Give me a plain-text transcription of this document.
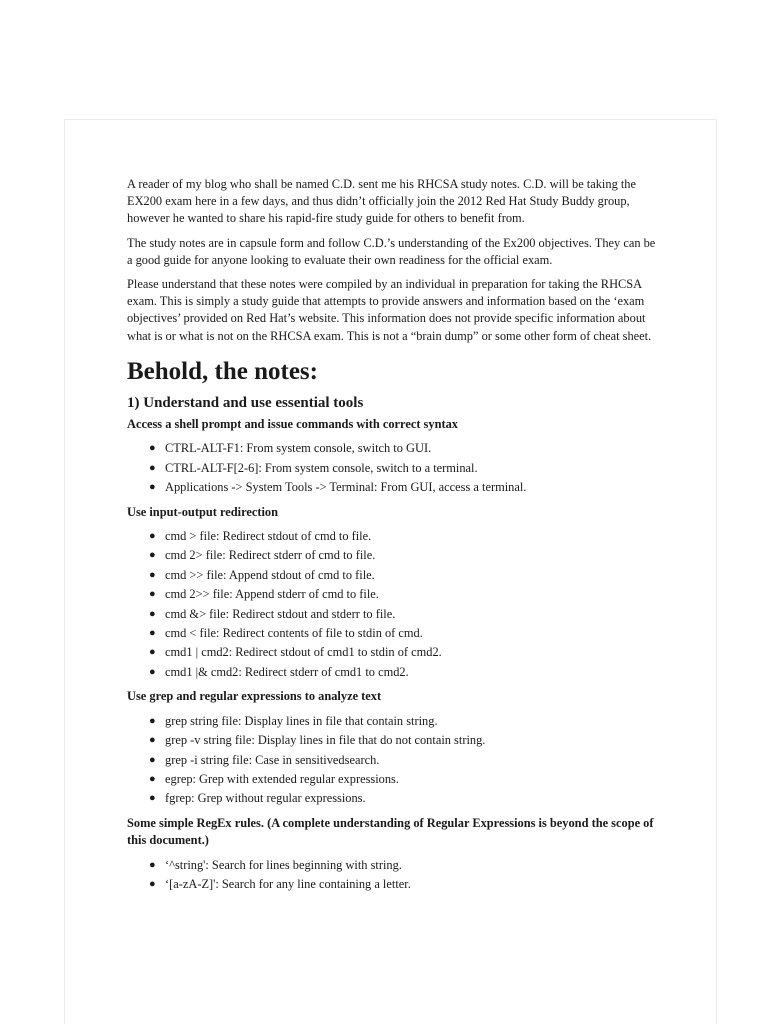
A reader of my blog who shall be named C.D. sent me his RHCSA study notes. C.D. will be taking the EX200 exam here in a few days, and thus didn’t officially join the 2012 Red Hat Study Buddy group, however he wanted to share his rapid-fire study guide for others to benefit from.

The study notes are in capsule form and follow C.D.’s understanding of the Ex200 objectives. They can be a good guide for anyone looking to evaluate their own readiness for the official exam.

Please understand that these notes were compiled by an individual in preparation for taking the RHCSA exam. This is simply a study guide that attempts to provide answers and information based on the ‘exam objectives’ provided on Red Hat’s website. This information does not provide specific information about what is or what is not on the RHCSA exam. This is not a “brain dump” or some other form of cheat sheet.

Behold, the notes:
1) Understand and use essential tools
Access a shell prompt and issue commands with correct syntax
● CTRL-ALT-F1: From system console, switch to GUI.
● CTRL-ALT-F[2-6]: From system console, switch to a terminal.
● Applications -> System Tools -> Terminal: From GUI, access a terminal.
Use input-output redirection
● cmd > file: Redirect stdout of cmd to file.
● cmd 2> file: Redirect stderr of cmd to file.
● cmd >> file: Append stdout of cmd to file.
● cmd 2>> file: Append stderr of cmd to file.
● cmd &> file: Redirect stdout and stderr to file.
● cmd < file: Redirect contents of file to stdin of cmd.
● cmd1 | cmd2: Redirect stdout of cmd1 to stdin of cmd2.
● cmd1 |& cmd2: Redirect stderr of cmd1 to cmd2.
Use grep and regular expressions to analyze text
● grep string file: Display lines in file that contain string.
● grep -v string file: Display lines in file that do not contain string.
● grep -i string file: Case in sensitivedsearch.
● egrep: Grep with extended regular expressions.
● fgrep: Grep without regular expressions.
Some simple RegEx rules. (A complete understanding of Regular Expressions is beyond the scope of this document.)
● ‘^string': Search for lines beginning with string.
● ‘[a-zA-Z]': Search for any line containing a letter.
